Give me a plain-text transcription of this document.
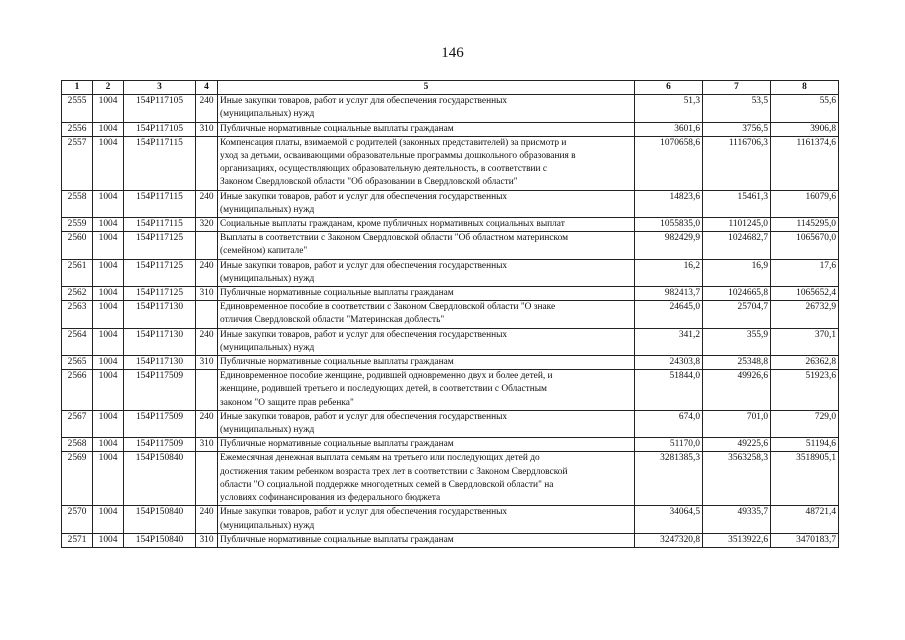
146
1	2	3	4	5	6	7	8
2555	1004	154P117105	240	Иные закупки товаров, работ и услуг для обеспечения государственных
(муниципальных) нужд	51,3	53,5	55,6
2556	1004	154P117105	310	Публичные нормативные социальные выплаты гражданам	3601,6	3756,5	3906,8
2557	1004	154P117115		Компенсация платы, взимаемой с родителей (законных представителей) за присмотр и
уход за детьми, осваивающими образовательные программы дошкольного образования в
организациях, осуществляющих образовательную деятельность, в соответствии с
Законом Свердловской области "Об образовании в Свердловской области"	1070658,6	1116706,3	1161374,6
2558	1004	154P117115	240	Иные закупки товаров, работ и услуг для обеспечения государственных
(муниципальных) нужд	14823,6	15461,3	16079,6
2559	1004	154P117115	320	Социальные выплаты гражданам, кроме публичных нормативных социальных выплат	1055835,0	1101245,0	1145295,0
2560	1004	154P117125		Выплаты в соответствии с Законом Свердловской области "Об областном материнском
(семейном) капитале"	982429,9	1024682,7	1065670,0
2561	1004	154P117125	240	Иные закупки товаров, работ и услуг для обеспечения государственных
(муниципальных) нужд	16,2	16,9	17,6
2562	1004	154P117125	310	Публичные нормативные социальные выплаты гражданам	982413,7	1024665,8	1065652,4
2563	1004	154P117130		Единовременное пособие в соответствии с Законом Свердловской области "О знаке
отличия Свердловской области "Материнская доблесть"	24645,0	25704,7	26732,9
2564	1004	154P117130	240	Иные закупки товаров, работ и услуг для обеспечения государственных
(муниципальных) нужд	341,2	355,9	370,1
2565	1004	154P117130	310	Публичные нормативные социальные выплаты гражданам	24303,8	25348,8	26362,8
2566	1004	154P117509		Единовременное пособие женщине, родившей одновременно двух и более детей, и
женщине, родившей третьего и последующих детей, в соответствии с Областным
законом "О защите прав ребенка"	51844,0	49926,6	51923,6
2567	1004	154P117509	240	Иные закупки товаров, работ и услуг для обеспечения государственных
(муниципальных) нужд	674,0	701,0	729,0
2568	1004	154P117509	310	Публичные нормативные социальные выплаты гражданам	51170,0	49225,6	51194,6
2569	1004	154P150840		Ежемесячная денежная выплата семьям на третьего или последующих детей до
достижения таким ребенком возраста трех лет в соответствии с Законом Свердловской
области "О социальной поддержке многодетных семей в Свердловской области" на
условиях софинансирования из федерального бюджета	3281385,3	3563258,3	3518905,1
2570	1004	154P150840	240	Иные закупки товаров, работ и услуг для обеспечения государственных
(муниципальных) нужд	34064,5	49335,7	48721,4
2571	1004	154P150840	310	Публичные нормативные социальные выплаты гражданам	3247320,8	3513922,6	3470183,7
